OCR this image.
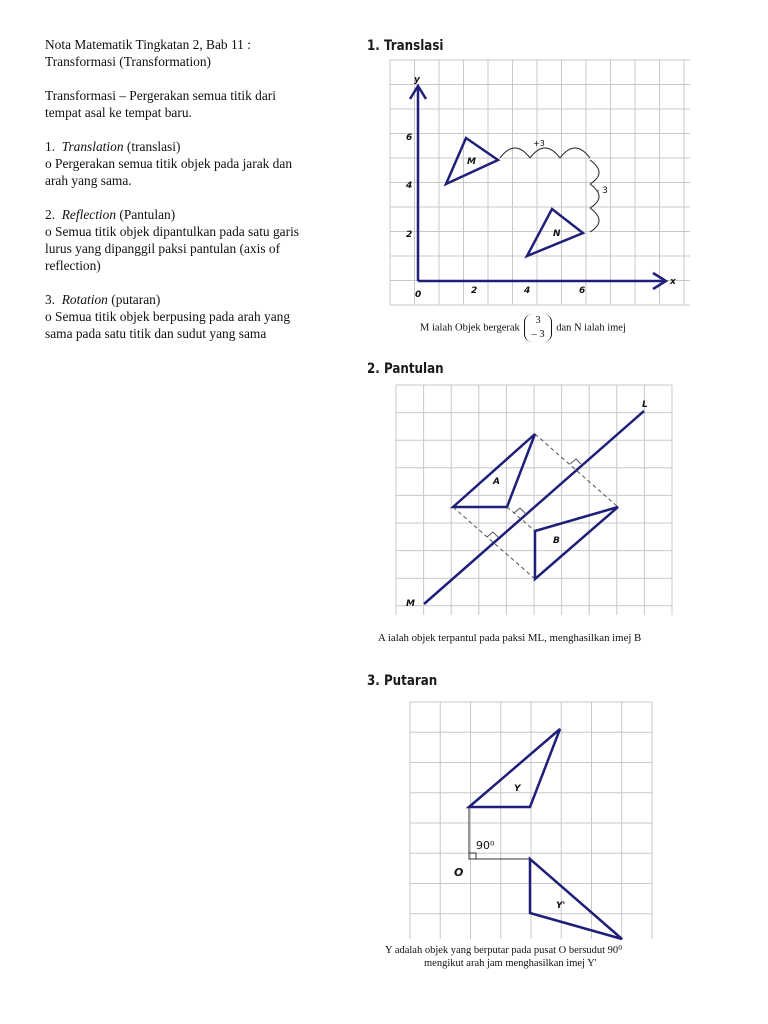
Nota Matematik Tingkatan 2, Bab 11 :
Transformasi (Transformation)

Transformasi – Pergerakan semua titik dari
tempat asal ke tempat baru.

1. Translation (translasi)
o Pergerakan semua titik objek pada jarak dan
arah yang sama.

2. Reflection (Pantulan)
o Semua titik objek dipantulkan pada satu garis
lurus yang dipanggil paksi pantulan (axis of
reflection)

3. Rotation (putaran)
o Semua titik objek berpusing pada arah yang
sama pada satu titik dan sudut yang sama

1. Translasi
x
y
0	2	4	6
2
4
6
M
N
+3
- 3
M ialah Objek bergerak
3
– 3
dan N ialah imej
2. Pantulan
L
M
A
B
A ialah objek terpantul pada paksi ML, menghasilkan imej B
3. Putaran
90⁰
O
Y
Y'
Y adalah objek yang berputar pada pusat O bersudut 90⁰
mengikut arah jam menghasilkan imej Y'
